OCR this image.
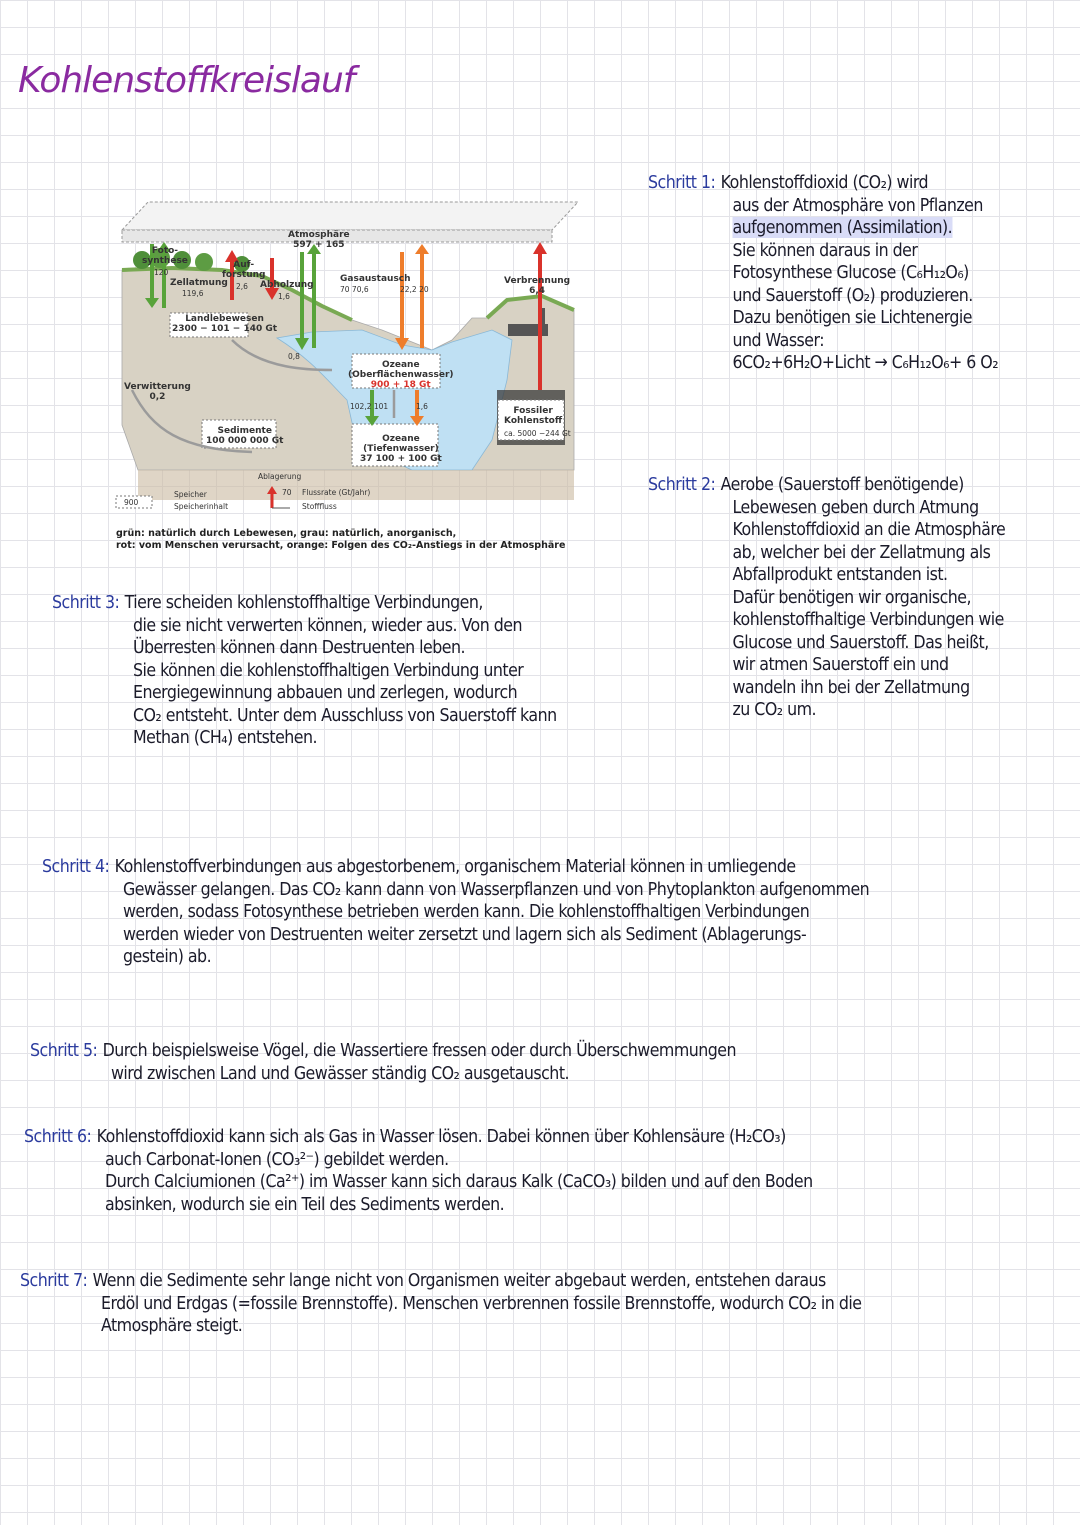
Kohlenstoffkreislauf
Atmosphäre
597 + 165
Foto-
synthese
120
Zellatmung
119,6
Auf-
forstung
2,6 Abholzung
1,6
Gasaustausch
70 70,6	22,2 20
Verbrennung
6,4
Landlebewesen
2300 − 101 − 140 Gt
0,8
Verwitterung
0,2
Ozeane
(Oberflächenwasser)
900 + 18 Gt
102,2 101	1,6
Sedimente
100 000 000 Gt
Fossiler
Kohlenstoff
ca. 5000 −244 Gt
Ozeane
(Tiefenwasser)
37 100 + 100 Gt
Ablagerung
900
Speicher
Speicherinhalt
70 Flussrate (Gt/Jahr)
Stofffluss
grün: natürlich durch Lebewesen, grau: natürlich, anorganisch,
rot: vom Menschen verursacht, orange: Folgen des CO₂-Anstiegs in der Atmosphäre
Schritt 1: Kohlenstoffdioxid (CO₂) wird
aus der Atmosphäre von Pflanzen
aufgenommen (Assimilation).
Sie können daraus in der
Fotosynthese Glucose (C₆H₁₂O₆)
und Sauerstoff (O₂) produzieren.
Dazu benötigen sie Lichtenergie
und Wasser:
6CO₂+6H₂O+Licht → C₆H₁₂O₆+ 6 O₂
Schritt 2: Aerobe (Sauerstoff benötigende)
Lebewesen geben durch Atmung
Kohlenstoffdioxid an die Atmosphäre
ab, welcher bei der Zellatmung als
Abfallprodukt entstanden ist.
Dafür benötigen wir organische,
kohlenstoffhaltige Verbindungen wie
Glucose und Sauerstoff. Das heißt,
wir atmen Sauerstoff ein und
wandeln ihn bei der Zellatmung
zu CO₂ um.
Schritt 3: Tiere scheiden kohlenstoffhaltige Verbindungen,
die sie nicht verwerten können, wieder aus. Von den
Überresten können dann Destruenten leben.
Sie können die kohlenstoffhaltigen Verbindung unter
Energiegewinnung abbauen und zerlegen, wodurch
CO₂ entsteht. Unter dem Ausschluss von Sauerstoff kann
Methan (CH₄) entstehen.
Schritt 4: Kohlenstoffverbindungen aus abgestorbenem, organischem Material können in umliegende
Gewässer gelangen. Das CO₂ kann dann von Wasserpflanzen und von Phytoplankton aufgenommen
werden, sodass Fotosynthese betrieben werden kann. Die kohlenstoffhaltigen Verbindungen
werden wieder von Destruenten weiter zersetzt und lagern sich als Sediment (Ablagerungs-
gestein) ab.
Schritt 5: Durch beispielsweise Vögel, die Wassertiere fressen oder durch Überschwemmungen
wird zwischen Land und Gewässer ständig CO₂ ausgetauscht.
Schritt 6: Kohlenstoffdioxid kann sich als Gas in Wasser lösen. Dabei können über Kohlensäure (H₂CO₃)
auch Carbonat-Ionen (CO₃²⁻) gebildet werden.
Durch Calciumionen (Ca²⁺) im Wasser kann sich daraus Kalk (CaCO₃) bilden und auf den Boden
absinken, wodurch sie ein Teil des Sediments werden.
Schritt 7: Wenn die Sedimente sehr lange nicht von Organismen weiter abgebaut werden, entstehen daraus
Erdöl und Erdgas (=fossile Brennstoffe). Menschen verbrennen fossile Brennstoffe, wodurch CO₂ in die
Atmosphäre steigt.
